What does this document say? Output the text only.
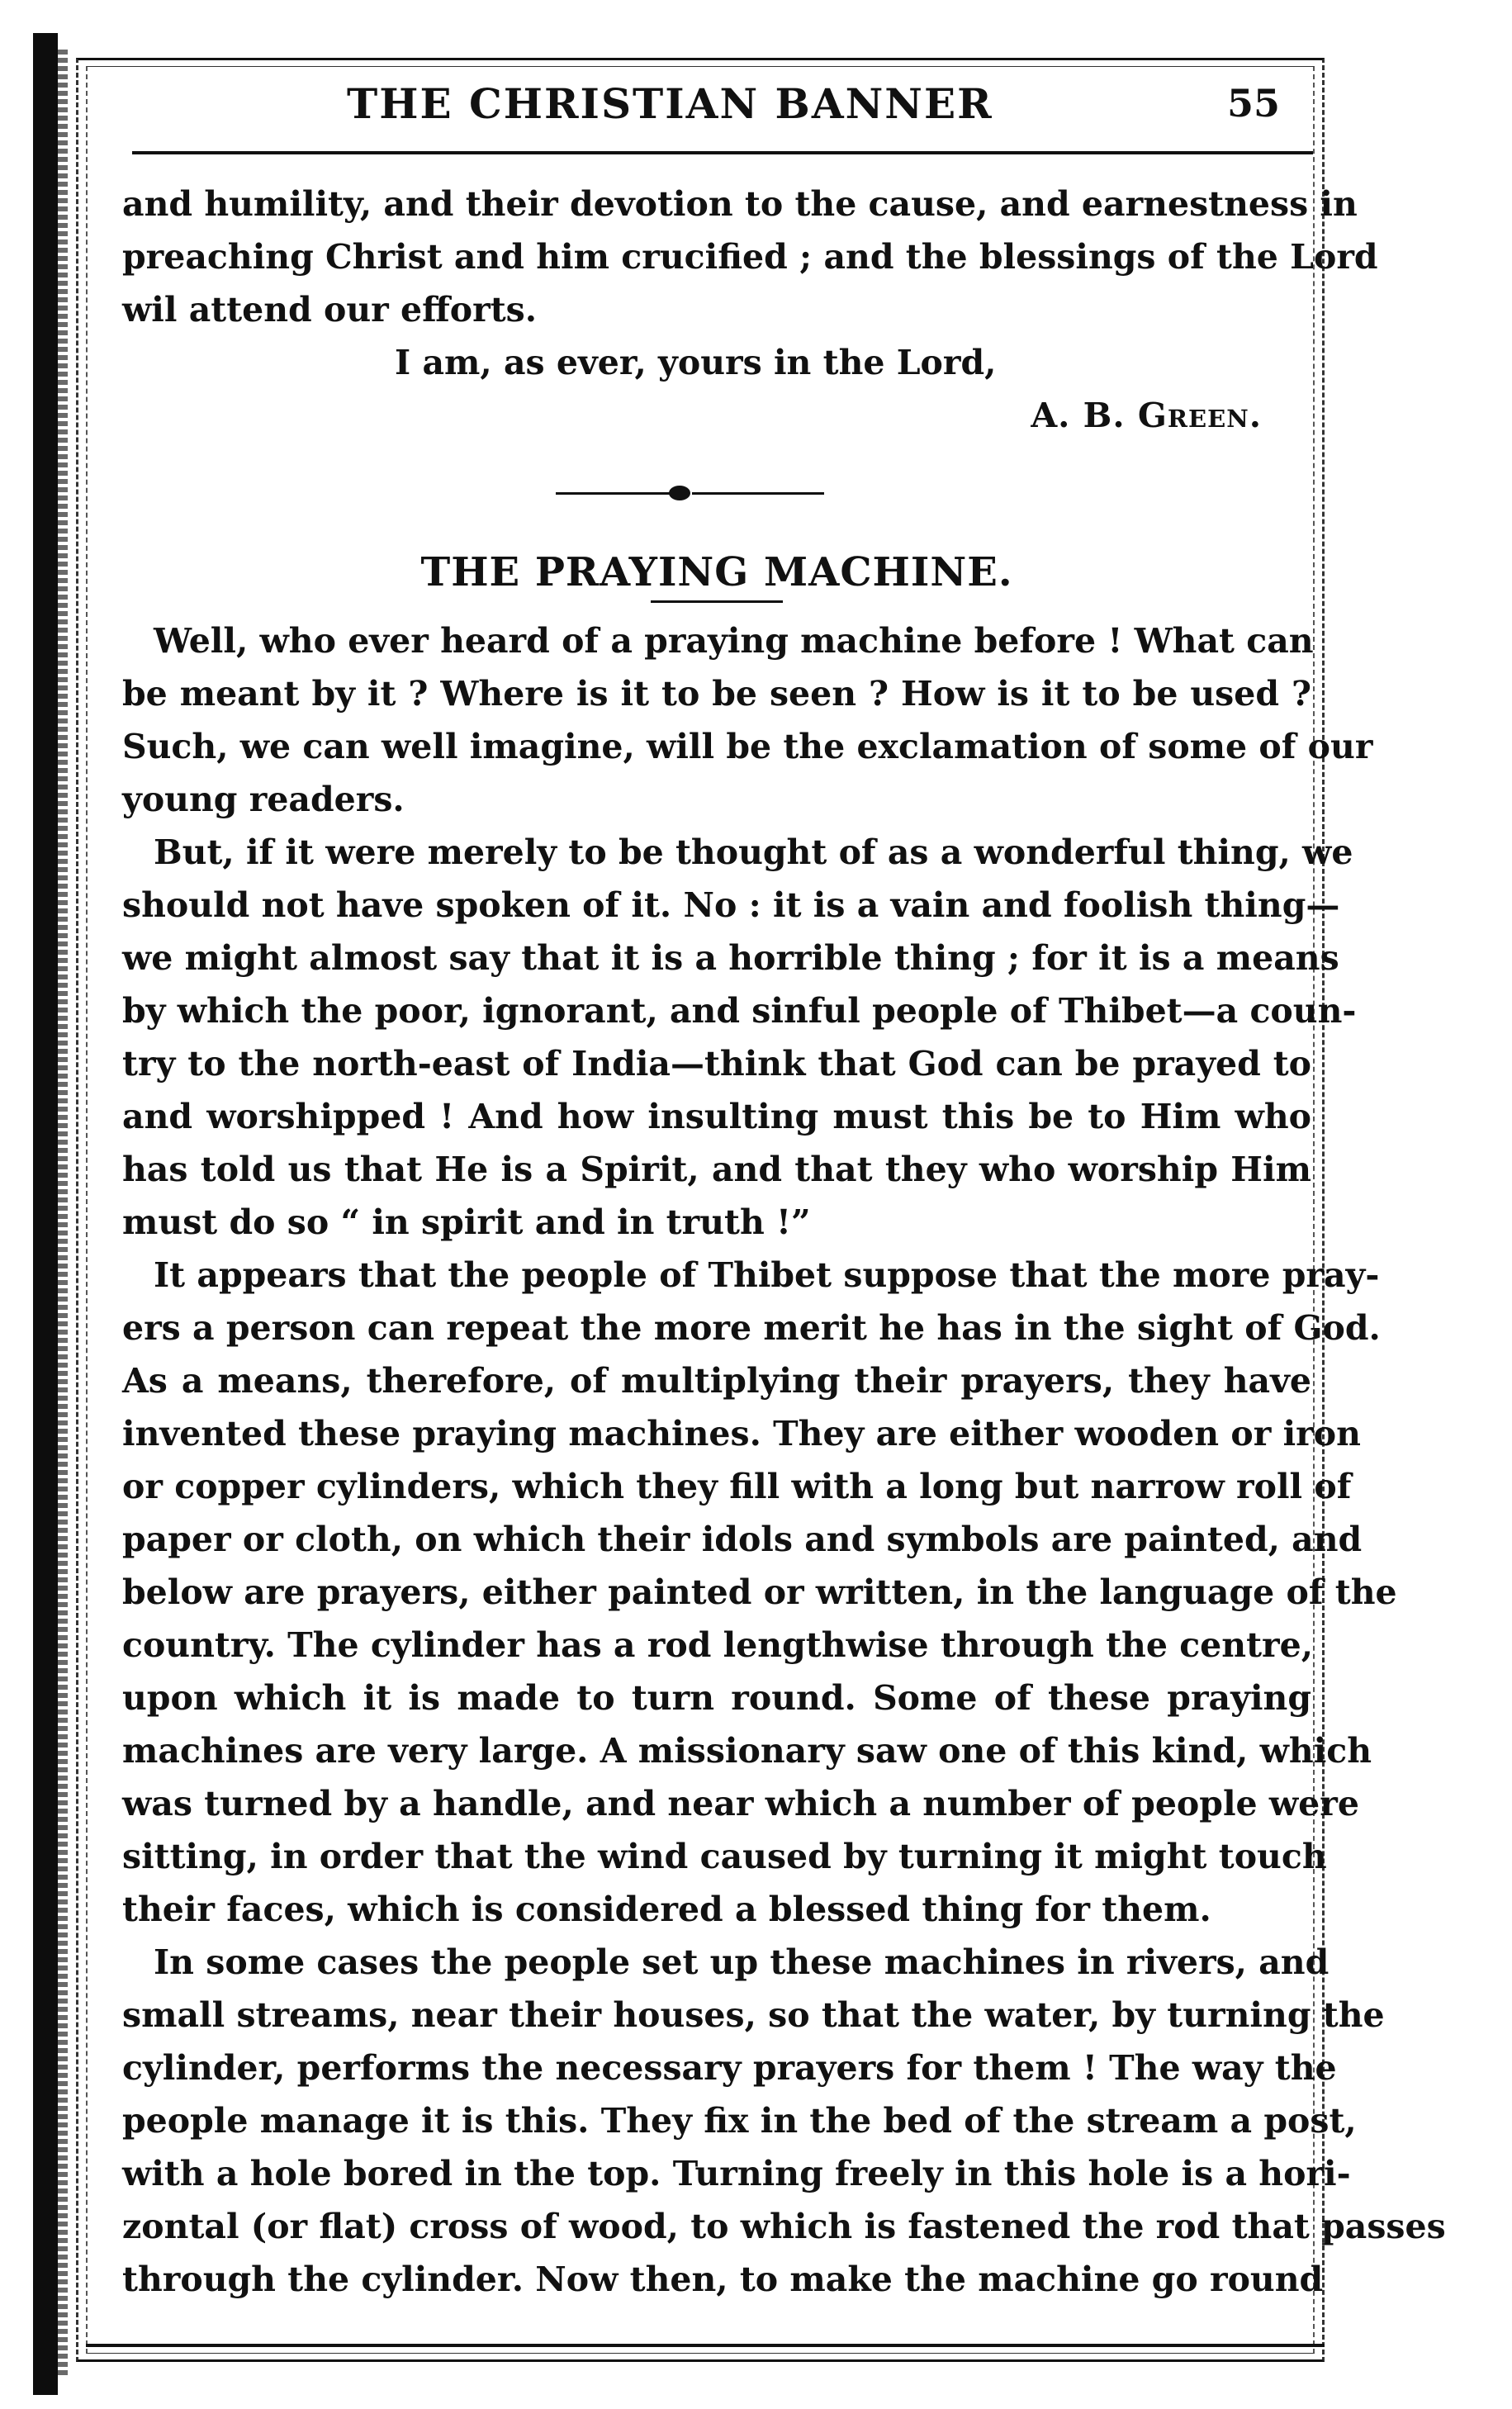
THE CHRISTIAN BANNER	55
and humility, and their devotion to the cause, and earnestness in
preaching Christ and him crucified ; and the blessings of the Lord
wil attend our efforts.
I am, as ever, yours in the Lord,
A. B. Green.
THE PRAYING MACHINE.
Well, who ever heard of a praying machine before ! What can
be meant by it ? Where is it to be seen ? How is it to be used ?
Such, we can well imagine, will be the exclamation of some of our
young readers.
But, if it were merely to be thought of as a wonderful thing, we
should not have spoken of it. No : it is a vain and foolish thing—
we might almost say that it is a horrible thing ; for it is a means
by which the poor, ignorant, and sinful people of Thibet—a coun-
try to the north-east of India—think that God can be prayed to
and worshipped ! And how insulting must this be to Him who
has told us that He is a Spirit, and that they who worship Him
must do so “ in spirit and in truth !”
It appears that the people of Thibet suppose that the more pray-
ers a person can repeat the more merit he has in the sight of God.
As a means, therefore, of multiplying their prayers, they have
invented these praying machines. They are either wooden or iron
or copper cylinders, which they fill with a long but narrow roll of
paper or cloth, on which their idols and symbols are painted, and
below are prayers, either painted or written, in the language of the
country. The cylinder has a rod lengthwise through the centre,
upon which it is made to turn round. Some of these praying
machines are very large. A missionary saw one of this kind, which
was turned by a handle, and near which a number of people were
sitting, in order that the wind caused by turning it might touch
their faces, which is considered a blessed thing for them.
In some cases the people set up these machines in rivers, and
small streams, near their houses, so that the water, by turning the
cylinder, performs the necessary prayers for them ! The way the
people manage it is this. They fix in the bed of the stream a post,
with a hole bored in the top. Turning freely in this hole is a hori-
zontal (or flat) cross of wood, to which is fastened the rod that passes
through the cylinder. Now then, to make the machine go round
